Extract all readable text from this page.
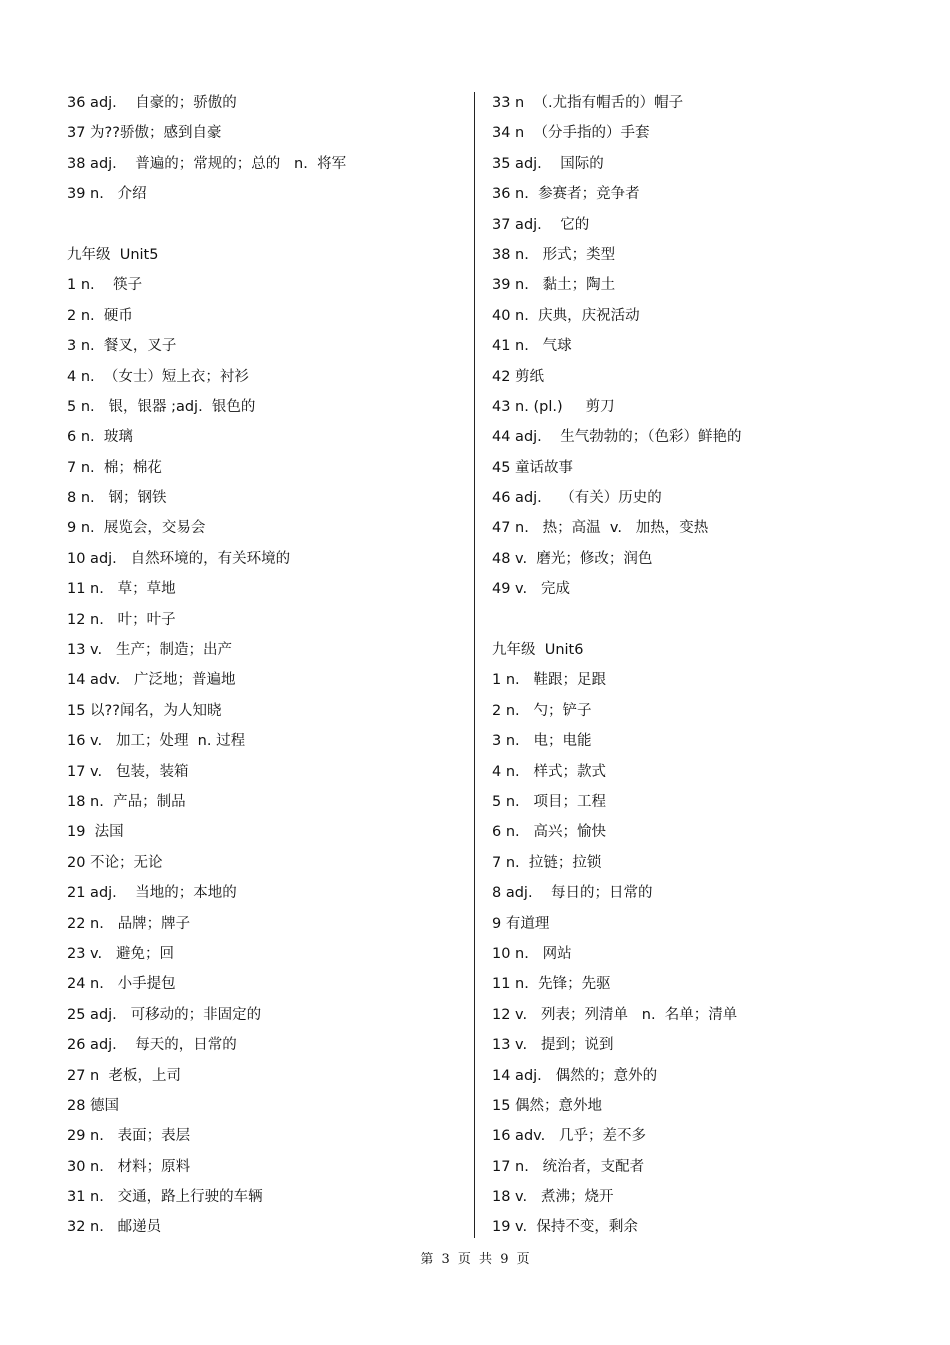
36 adj.    自豪的；骄傲的
37 为??骄傲；感到自豪
38 adj.    普遍的；常规的；总的   n.  将军
39 n.   介绍
九年级  Unit5
1 n.    筷子
2 n.  硬币
3 n.  餐叉，叉子
4 n.  （女士）短上衣；衬衫
5 n.   银，银器 ;adj.  银色的
6 n.  玻璃
7 n.  棉；棉花
8 n.   钢；钢铁
9 n.  展览会，交易会
10 adj.   自然环境的，有关环境的
11 n.   草；草地
12 n.   叶；叶子
13 v.   生产；制造；出产
14 adv.   广泛地；普遍地
15 以??闻名，为人知晓
16 v.   加工；处理  n. 过程
17 v.   包装，装箱
18 n.  产品；制品
19  法国
20 不论；无论
21 adj.    当地的；本地的
22 n.   品牌；牌子
23 v.   避免；回
24 n.   小手提包
25 adj.   可移动的；非固定的
26 adj.    每天的，日常的
27 n  老板，上司
28 德国
29 n.   表面；表层
30 n.   材料；原料
31 n.   交通，路上行驶的车辆
32 n.   邮递员
33 n  （.尤指有帽舌的）帽子
34 n  （分手指的）手套
35 adj.    国际的
36 n.  参赛者；竞争者
37 adj.    它的
38 n.   形式；类型
39 n.   黏土；陶土
40 n.  庆典，庆祝活动
41 n.   气球
42 剪纸
43 n. (pl.)     剪刀
44 adj.    生气勃勃的；（色彩）鲜艳的
45 童话故事
46 adj.    （有关）历史的
47 n.   热；高温  v.   加热，变热
48 v.  磨光；修改；润色
49 v.   完成
九年级  Unit6
1 n.   鞋跟；足跟
2 n.   勺；铲子
3 n.   电；电能
4 n.   样式；款式
5 n.   项目；工程
6 n.   高兴；愉快
7 n.  拉链；拉锁
8 adj.    每日的；日常的
9 有道理
10 n.   网站
11 n.  先锋；先驱
12 v.   列表；列清单   n.  名单；清单
13 v.   提到；说到
14 adj.   偶然的；意外的
15 偶然；意外地
16 adv.   几乎；差不多
17 n.   统治者，支配者
18 v.   煮沸；烧开
19 v.  保持不变，剩余
第 3 页 共 9 页
